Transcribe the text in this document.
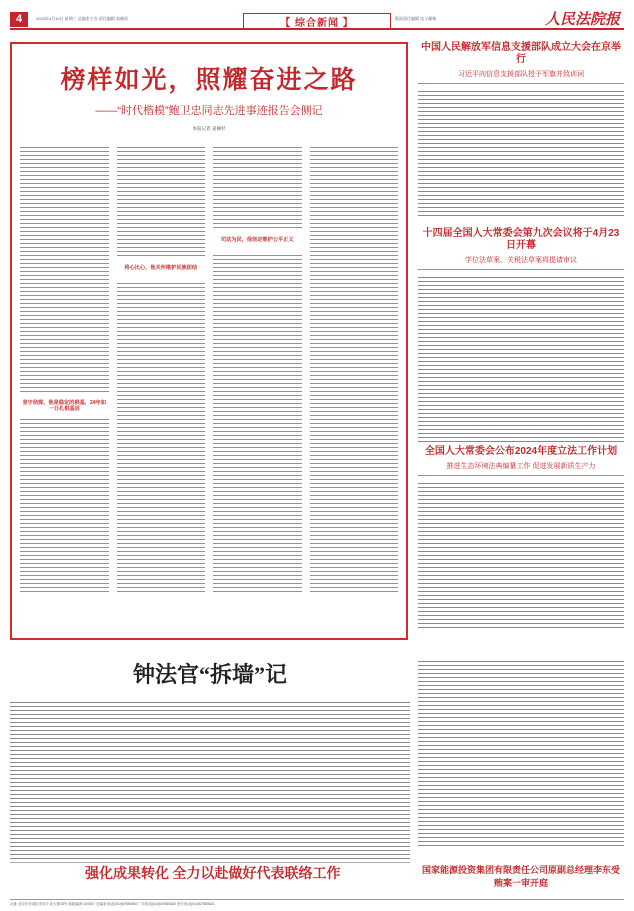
4	2024年4月10日 星期三 总编室主办 责任编辑 高晓雨	【 综合新闻 】	版面责任编辑 电子邮箱	人民法院报
榜样如光，照耀奋进之路
——“时代楷模”鲍卫忠同志先进事迹报告会侧记
本报记者 姜佩杉
坚守侦探，他是稳定的根基，24年如一日扎根基层
将心比心，他关怀维护民族团结
司法为民，他坚定维护公平正义
中国人民解放军信息支援部队成立大会在京举行
习近平向信息支援部队授予军旗并致训词
十四届全国人大常委会第九次会议将于4月23日开幕
学位法草案、关税法草案将提请审议
全国人大常委会公布2024年度立法工作计划
推进生态环境法典编纂工作 促进发展新质生产力
钟法官“拆墙”记
强化成果转化 全力以赴做好代表联络工作	国家能源投资集团有限责任公司原副总经理李东受贿案一审开庭
社址:北京市东城区东四十条大街18号 邮政编码:100007 总编室电话(010)67550500 广告电话(010)67550620 发行电话(010)67550621
